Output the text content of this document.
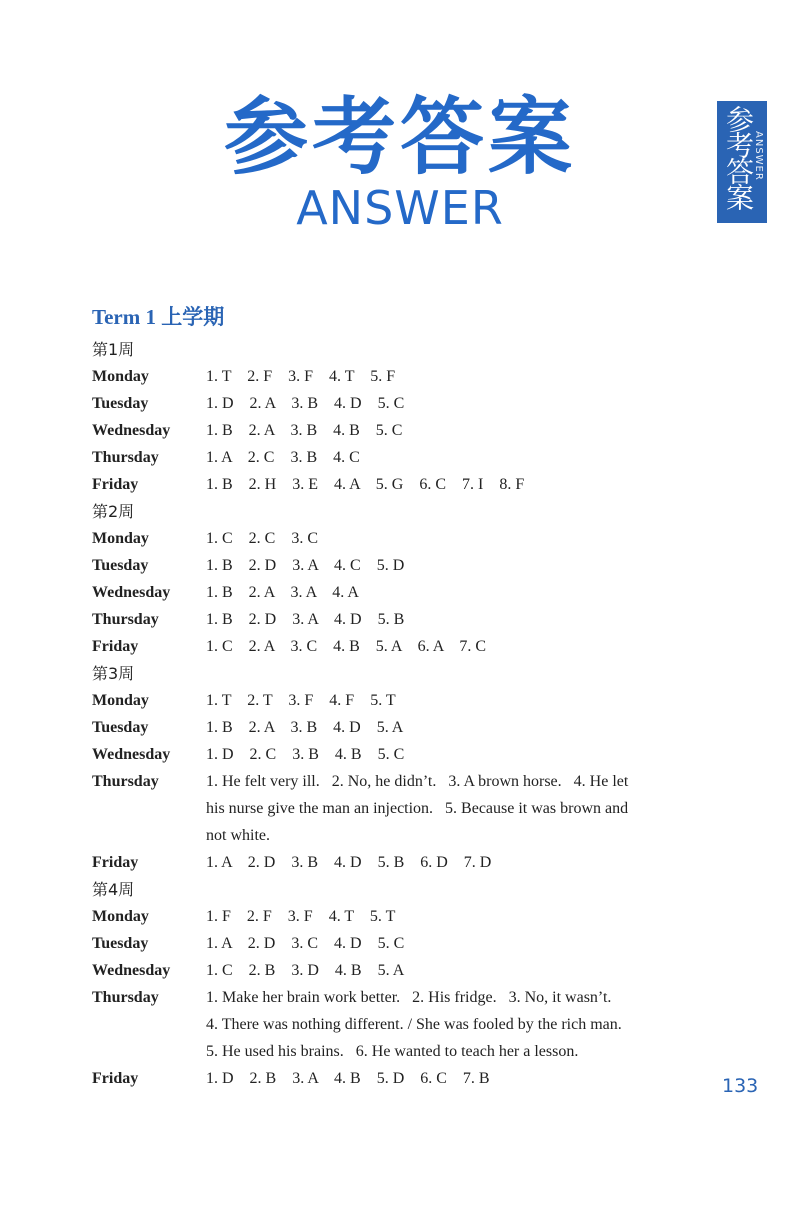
参考答案
ANSWER	参考答案
ANSWER
Term 1 上学期
第1周
Monday	1. T    2. F    3. F    4. T    5. F
Tuesday	1. D    2. A    3. B    4. D    5. C
Wednesday	1. B    2. A    3. B    4. B    5. C
Thursday	1. A    2. C    3. B    4. C
Friday	1. B    2. H    3. E    4. A    5. G    6. C    7. I    8. F
第2周
Monday	1. C    2. C    3. C
Tuesday	1. B    2. D    3. A    4. C    5. D
Wednesday	1. B    2. A    3. A    4. A
Thursday	1. B    2. D    3. A    4. D    5. B
Friday	1. C    2. A    3. C    4. B    5. A    6. A    7. C
第3周
Monday	1. T    2. T    3. F    4. F    5. T
Tuesday	1. B    2. A    3. B    4. D    5. A
Wednesday	1. D    2. C    3. B    4. B    5. C
Thursday	1. He felt very ill.   2. No, he didn’t.   3. A brown horse.   4. He let
his nurse give the man an injection.   5. Because it was brown and
not white.
Friday	1. A    2. D    3. B    4. D    5. B    6. D    7. D
第4周
Monday	1. F    2. F    3. F    4. T    5. T
Tuesday	1. A    2. D    3. C    4. D    5. C
Wednesday	1. C    2. B    3. D    4. B    5. A
Thursday	1. Make her brain work better.   2. His fridge.   3. No, it wasn’t.
4. There was nothing different. / She was fooled by the rich man.
5. He used his brains.   6. He wanted to teach her a lesson.
Friday	1. D    2. B    3. A    4. B    5. D    6. C    7. B	133
